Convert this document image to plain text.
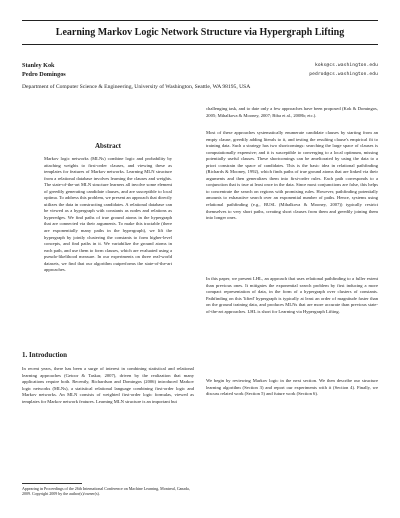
Learning Markov Logic Network Structure via Hypergraph Lifting
Stanley Kok	koks@cs.washington.edu
Pedro Domingos	pedrod@cs.washington.edu
Department of Computer Science & Engineering, University of Washington, Seattle, WA 98195, USA
Abstract
Markov logic networks (MLNs) combine logic and probability by attaching weights to first-order clauses, and viewing these as templates for features of Markov networks. Learning MLN structure from a relational database involves learning the clauses and weights. The state-of-the-art MLN structure learners all involve some element of greedily generating candidate clauses, and are susceptible to local optima. To address this problem, we present an approach that directly utilizes the data in constructing candidates. A relational database can be viewed as a hypergraph with constants as nodes and relations as hyperedges. We find paths of true ground atoms in the hypergraph that are connected via their arguments. To make this tractable (there are exponentially many paths in the hypergraph), we lift the hypergraph by jointly clustering the constants to form higher-level concepts, and find paths in it. We variabilize the ground atoms in each path, and use them to form clauses, which are evaluated using a pseudo-likelihood measure. In our experiments on three real-world datasets, we find that our algorithm outperforms the state-of-the-art approaches.
1. Introduction
In recent years, there has been a surge of interest in combining statistical and relational learning approaches (Getoor & Taskar, 2007), driven by the realization that many applications require both. Recently, Richardson and Domingos (2006) introduced Markov logic networks (MLNs), a statistical relational language combining first-order logic and Markov networks. An MLN consists of weighted first-order logic formulas, viewed as templates for Markov network features. Learning MLN structure is an important but
Appearing in Proceedings of the 26th International Conference on Machine Learning, Montreal, Canada, 2009. Copyright 2009 by the author(s)/owner(s).
challenging task, and to date only a few approaches have been proposed (Kok & Domingos, 2005; Mihalkova & Mooney, 2007; Biba et al., 2008b; etc.).
Most of these approaches systematically enumerate candidate clauses by starting from an empty clause, greedily adding literals to it, and testing the resulting clause's empirical fit to training data. Such a strategy has two shortcomings: searching the large space of clauses is computationally expensive; and it is susceptible to converging to a local optimum, missing potentially useful clauses. These shortcomings can be ameliorated by using the data to a priori constrain the space of candidates. This is the basic idea in relational pathfinding (Richards & Mooney, 1992), which finds paths of true ground atoms that are linked via their arguments and then generalizes them into first-order rules. Each path corresponds to a conjunction that is true at least once in the data. Since most conjunctions are false, this helps to concentrate the search on regions with promising rules. However, pathfinding potentially amounts to exhaustive search over an exponential number of paths. Hence, systems using relational pathfinding (e.g., BUSL (Mihalkova & Mooney, 2007)) typically restrict themselves to very short paths, creating short clauses from them and greedily joining them into longer ones.
In this paper, we present LHL, an approach that uses relational pathfinding to a fuller extent than previous ones. It mitigates the exponential search problem by first inducing a more compact representation of data, in the form of a hypergraph over clusters of constants. Pathfinding on this 'lifted' hypergraph is typically at least an order of magnitude faster than on the ground training data, and produces MLNs that are more accurate than previous state-of-the-art approaches. LHL is short for Learning via Hypergraph Lifting.
We begin by reviewing Markov logic in the next section. We then describe our structure learning algorithm (Section 3) and report our experiments with it (Section 4). Finally, we discuss related work (Section 5) and future work (Section 6).
